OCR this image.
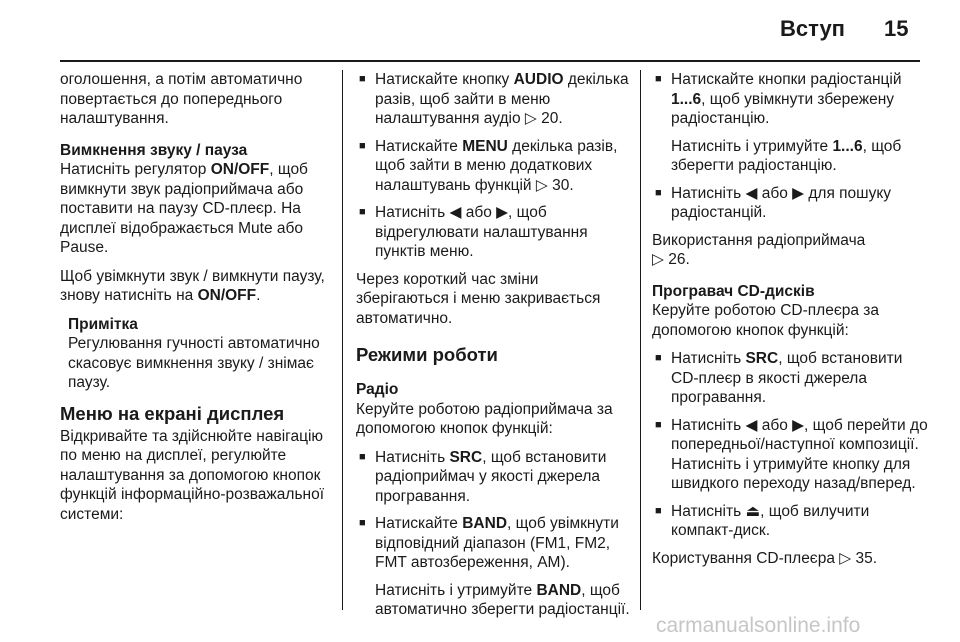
Вступ 15

оголошення, а потім автоматично повертається до попереднього налаштування.

Вимкнення звуку / пауза

Натисніть регулятор ON/OFF, щоб вимкнути звук радіоприймача або поставити на паузу CD-плеєр. На дисплеї відображається Mute або Pause.

Щоб увімкнути звук / вимкнути паузу, знову натисніть на ON/OFF.

Примітка
Регулювання гучності автоматично скасовує вимкнення звуку / знімає паузу.
Меню на екрані дисплея

Відкривайте та здійснюйте навігацію по меню на дисплеї, регулюйте налаштування за допомогою кнопок функцій інформаційно-розважальної системи:

■ Натискайте кнопку AUDIO декілька разів, щоб зайти в меню налаштування аудіо ▷ 20.
■ Натискайте MENU декілька разів, щоб зайти в меню додаткових налаштувань функцій ▷ 30.
■ Натисніть ◀ або ▶, щоб відрегулювати налаштування пунктів меню.

Через короткий час зміни зберігаються і меню закривається автоматично.

Режими роботи
Радіо

Керуйте роботою радіоприймача за допомогою кнопок функцій:

■ Натисніть SRC, щоб встановити радіоприймач у якості джерела програвання.
■ Натискайте BAND, щоб увімкнути відповідний діапазон (FM1, FM2, FMT автозбереження, AM).
Натисніть і утримуйте BAND, щоб автоматично зберегти радіостанції.
■ Натискайте кнопки радіостанцій 1...6, щоб увімкнути збережену радіостанцію.
Натисніть і утримуйте 1...6, щоб зберегти радіостанцію.
■ Натисніть ◀ або ▶ для пошуку радіостанцій.

Використання радіоприймача
▷ 26.

Програвач CD-дисків

Керуйте роботою CD-плеєра за допомогою кнопок функцій:

■ Натисніть SRC, щоб встановити CD-плеєр в якості джерела програвання.
■ Натисніть ◀ або ▶, щоб перейти до попередньої/наступної композиції. Натисніть і утримуйте кнопку для швидкого переходу назад/вперед.
■ Натисніть ⏏, щоб вилучити компакт-диск.

Користування CD-плеєра ▷ 35.

carmanualsonline.info
